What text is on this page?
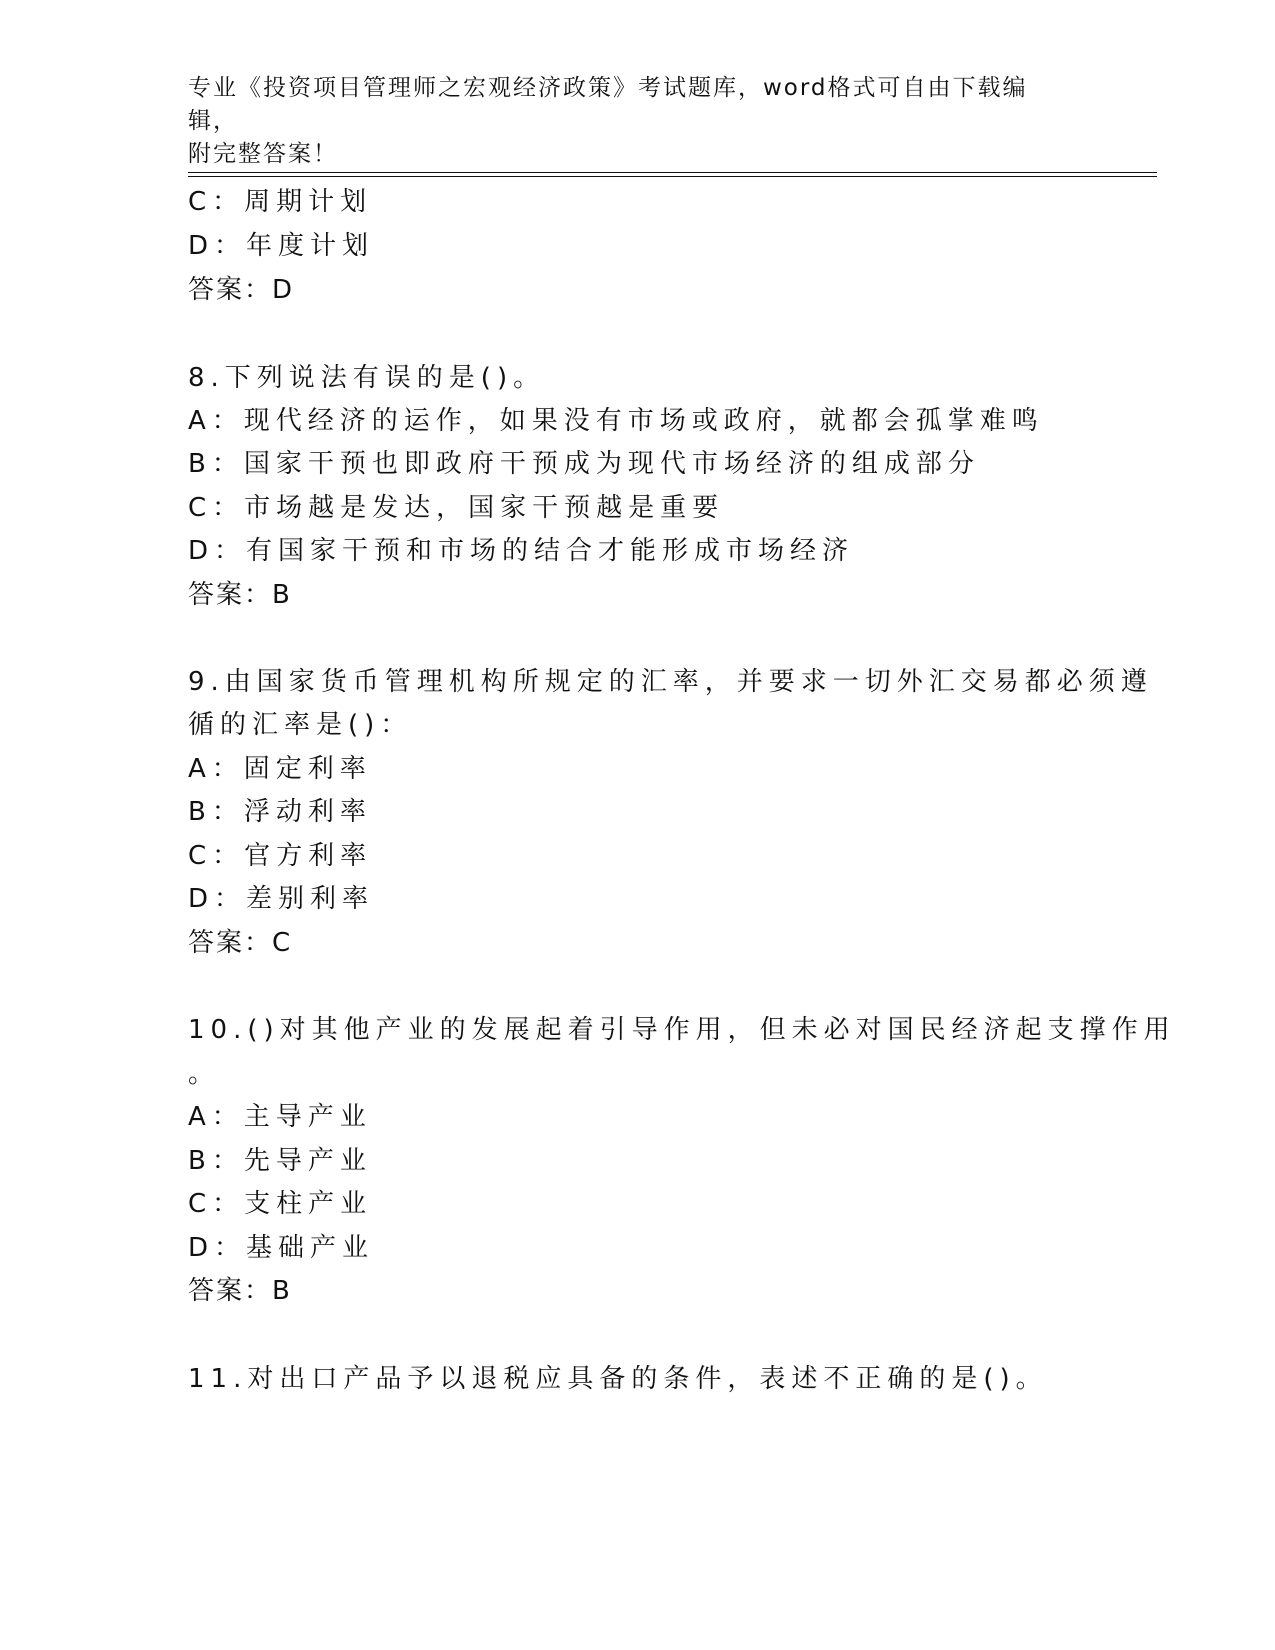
专业《投资项目管理师之宏观经济政策》考试题库，word格式可自由下载编辑，
附完整答案！
C：周期计划
D：年度计划
答案：D
8.下列说法有误的是()。
A：现代经济的运作，如果没有市场或政府，就都会孤掌难鸣
B：国家干预也即政府干预成为现代市场经济的组成部分
C：市场越是发达，国家干预越是重要
D：有国家干预和市场的结合才能形成市场经济
答案：B
9.由国家货币管理机构所规定的汇率，并要求一切外汇交易都必须遵
循的汇率是()：
A：固定利率
B：浮动利率
C：官方利率
D：差别利率
答案：C
10.()对其他产业的发展起着引导作用，但未必对国民经济起支撑作用
。
A：主导产业
B：先导产业
C：支柱产业
D：基础产业
答案：B
11.对出口产品予以退税应具备的条件，表述不正确的是()。
